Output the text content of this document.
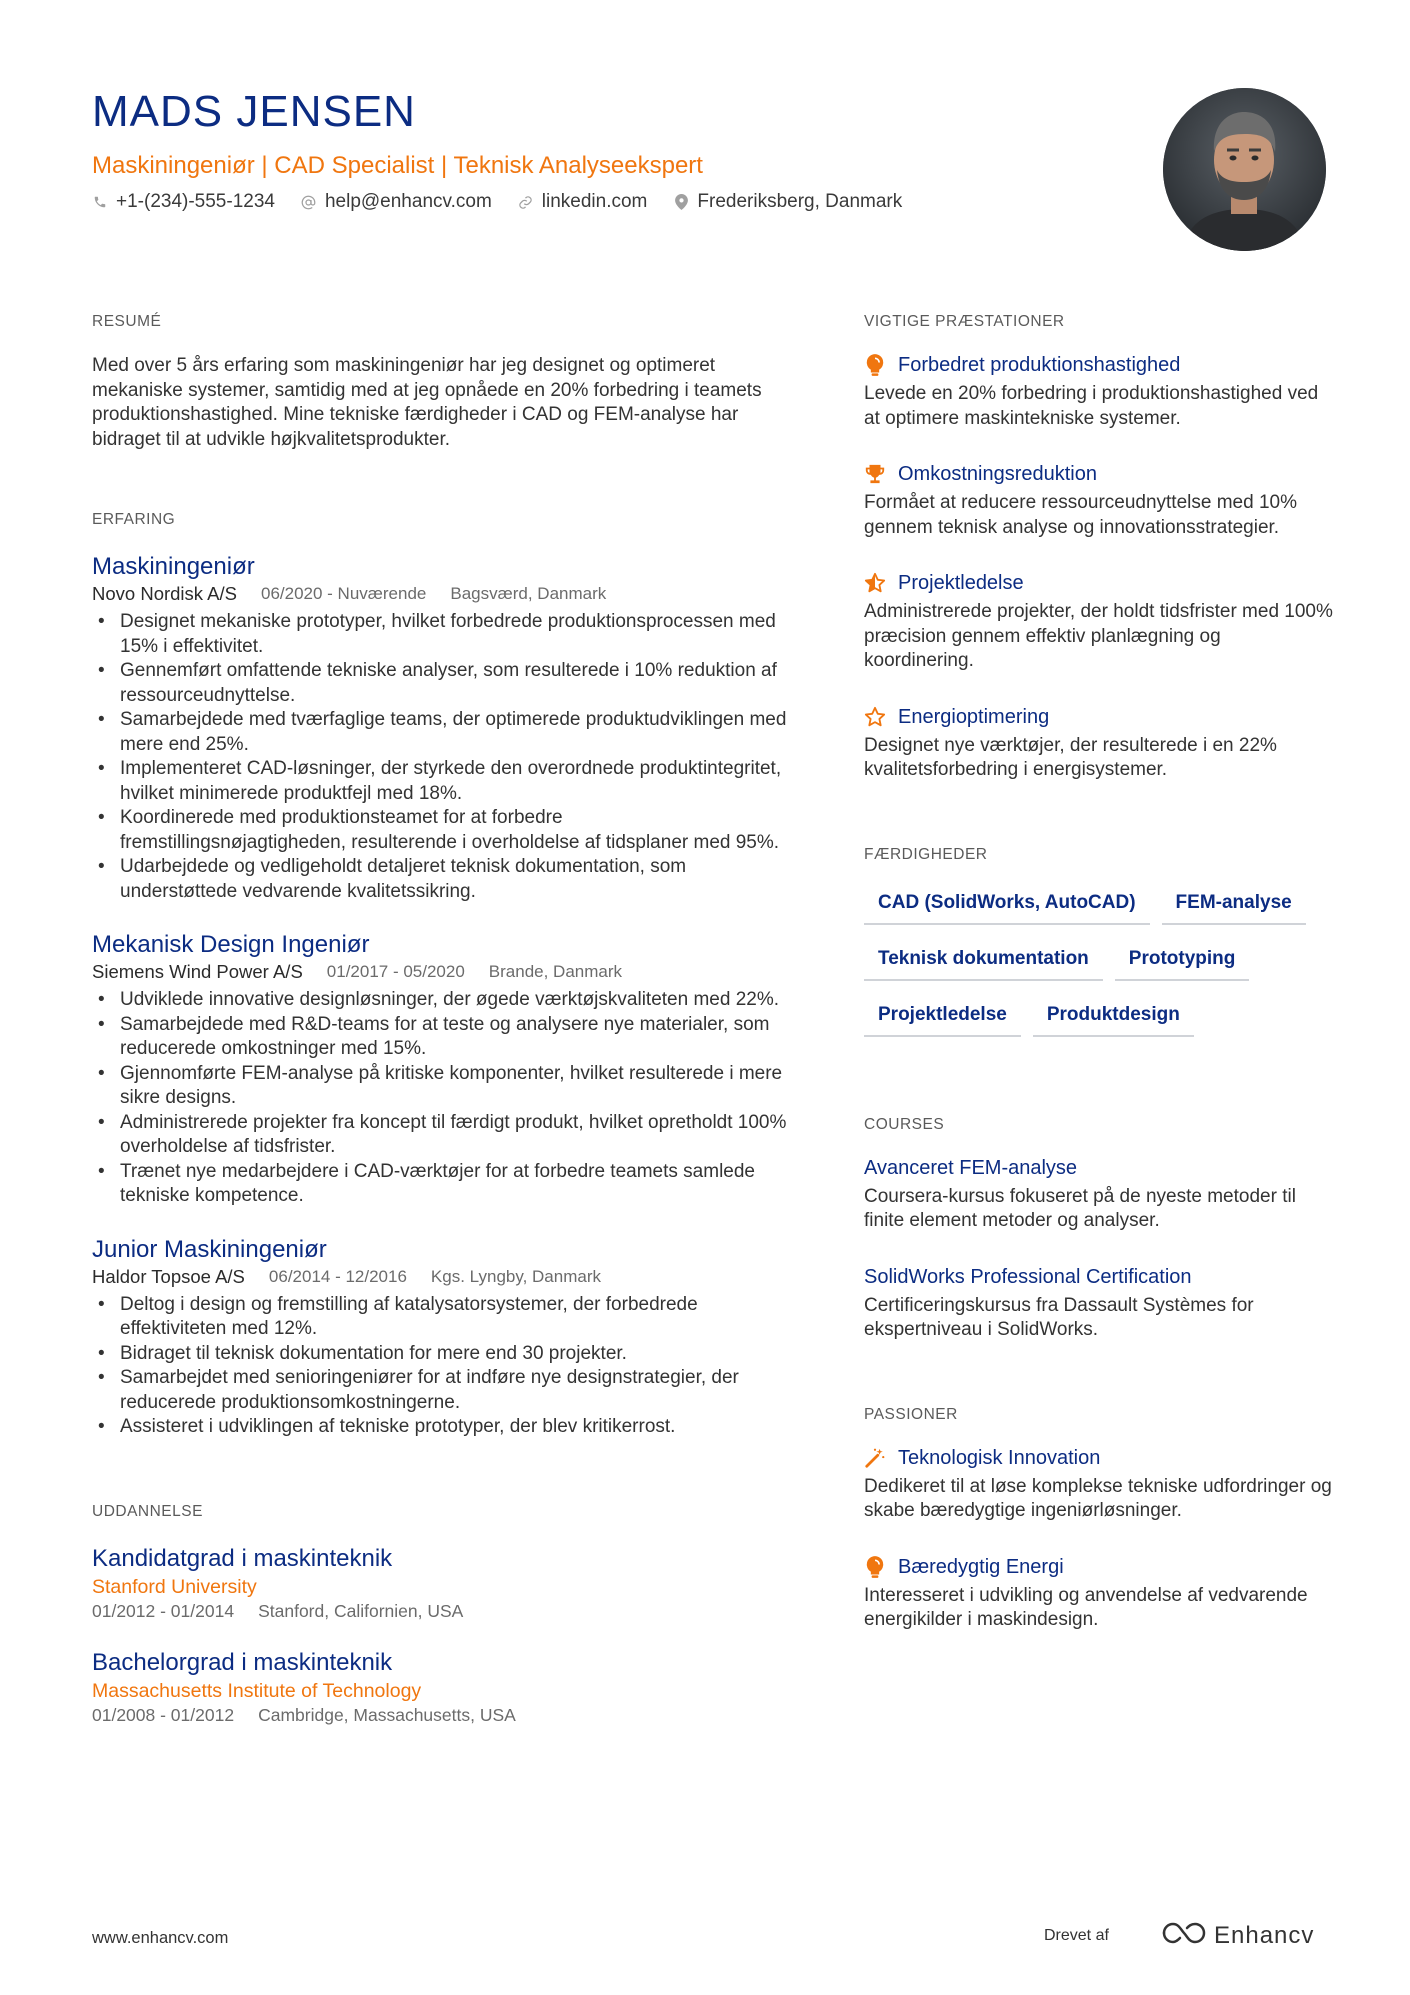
MADS JENSEN
Maskiningeniør | CAD Specialist | Teknisk Analyseekspert
+1-(234)-555-1234	help@enhancv.com	linkedin.com	Frederiksberg, Danmark
RESUMÉ
Med over 5 års erfaring som maskiningeniør har jeg designet og optimeret mekaniske systemer, samtidig med at jeg opnåede en 20% forbedring i teamets produktionshastighed. Mine tekniske færdigheder i CAD og FEM-analyse har bidraget til at udvikle højkvalitetsprodukter.
ERFARING
Maskiningeniør
Novo Nordisk A/S 06/2020 - Nuværende Bagsværd, Danmark
• Designet mekaniske prototyper, hvilket forbedrede produktionsprocessen med 15% i effektivitet.
• Gennemført omfattende tekniske analyser, som resulterede i 10% reduktion af ressourceudnyttelse.
• Samarbejdede med tværfaglige teams, der optimerede produktudviklingen med mere end 25%.
• Implementeret CAD-løsninger, der styrkede den overordnede produktintegritet, hvilket minimerede produktfejl med 18%.
• Koordinerede med produktionsteamet for at forbedre fremstillingsnøjagtigheden, resulterende i overholdelse af tidsplaner med 95%.
• Udarbejdede og vedligeholdt detaljeret teknisk dokumentation, som understøttede vedvarende kvalitetssikring.
Mekanisk Design Ingeniør
Siemens Wind Power A/S 01/2017 - 05/2020 Brande, Danmark
• Udviklede innovative designløsninger, der øgede værktøjskvaliteten med 22%.
• Samarbejdede med R&D-teams for at teste og analysere nye materialer, som reducerede omkostninger med 15%.
• Gjennomførte FEM-analyse på kritiske komponenter, hvilket resulterede i mere sikre designs.
• Administrerede projekter fra koncept til færdigt produkt, hvilket opretholdt 100% overholdelse af tidsfrister.
• Trænet nye medarbejdere i CAD-værktøjer for at forbedre teamets samlede tekniske kompetence.
Junior Maskiningeniør
Haldor Topsoe A/S 06/2014 - 12/2016 Kgs. Lyngby, Danmark
• Deltog i design og fremstilling af katalysatorsystemer, der forbedrede effektiviteten med 12%.
• Bidraget til teknisk dokumentation for mere end 30 projekter.
• Samarbejdet med senioringeniører for at indføre nye designstrategier, der reducerede produktionsomkostningerne.
• Assisteret i udviklingen af tekniske prototyper, der blev kritikerrost.
UDDANNELSE
Kandidatgrad i maskinteknik
Stanford University
01/2012 - 01/2014 Stanford, Californien, USA
Bachelorgrad i maskinteknik
Massachusetts Institute of Technology
01/2008 - 01/2012 Cambridge, Massachusetts, USA
VIGTIGE PRÆSTATIONER
Forbedret produktionshastighed
Levede en 20% forbedring i produktionshastighed ved at optimere maskintekniske systemer.
Omkostningsreduktion
Formået at reducere ressourceudnyttelse med 10% gennem teknisk analyse og innovationsstrategier.
Projektledelse
Administrerede projekter, der holdt tidsfrister med 100% præcision gennem effektiv planlægning og koordinering.
Energioptimering
Designet nye værktøjer, der resulterede i en 22% kvalitetsforbedring i energisystemer.
FÆRDIGHEDER
CAD (SolidWorks, AutoCAD)	FEM-analyse
Teknisk dokumentation	Prototyping
Projektledelse	Produktdesign
COURSES
Avanceret FEM-analyse
Coursera-kursus fokuseret på de nyeste metoder til finite element metoder og analyser.
SolidWorks Professional Certification
Certificeringskursus fra Dassault Systèmes for ekspertniveau i SolidWorks.
PASSIONER
Teknologisk Innovation
Dedikeret til at løse komplekse tekniske udfordringer og skabe bæredygtige ingeniørløsninger.
Bæredygtig Energi
Interesseret i udvikling og anvendelse af vedvarende energikilder i maskindesign.
www.enhancv.com	Drevet af	Enhancv
